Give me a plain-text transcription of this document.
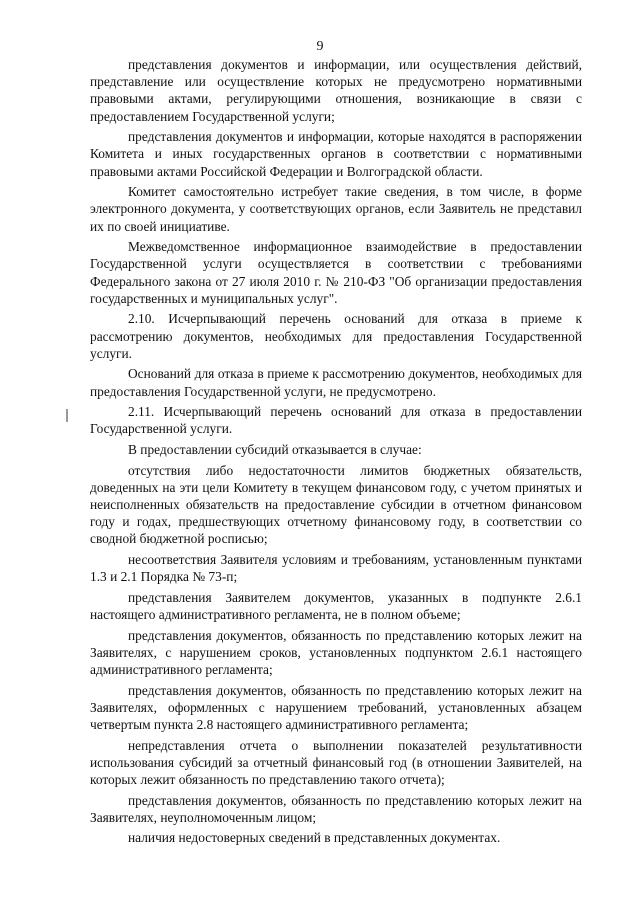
9

представления документов и информации, или осуществления действий, представление или осуществление которых не предусмотрено нормативными правовыми актами, регулирующими отношения, возникающие в связи с предоставлением Государственной услуги;

представления документов и информации, которые находятся в распоряжении Комитета и иных государственных органов в соответствии с нормативными правовыми актами Российской Федерации и Волгоградской области.

Комитет самостоятельно истребует такие сведения, в том числе, в форме электронного документа, у соответствующих органов, если Заявитель не представил их по своей инициативе.

Межведомственное информационное взаимодействие в предоставлении Государственной услуги осуществляется в соответствии с требованиями Федерального закона от 27 июля 2010 г. № 210-ФЗ "Об организации предоставления государственных и муниципальных услуг".

2.10. Исчерпывающий перечень оснований для отказа в приеме к рассмотрению документов, необходимых для предоставления Государственной услуги.

Оснований для отказа в приеме к рассмотрению документов, необходимых для предоставления Государственной услуги, не предусмотрено.

2.11. Исчерпывающий перечень оснований для отказа в предоставлении Государственной услуги.

В предоставлении субсидий отказывается в случае:

отсутствия либо недостаточности лимитов бюджетных обязательств, доведенных на эти цели Комитету в текущем финансовом году, с учетом принятых и неисполненных обязательств на предоставление субсидии в отчетном финансовом году и годах, предшествующих отчетному финансовому году, в соответствии со сводной бюджетной росписью;

несоответствия Заявителя условиям и требованиям, установленным пунктами 1.3 и 2.1 Порядка № 73-п;

представления Заявителем документов, указанных в подпункте 2.6.1 настоящего административного регламента, не в полном объеме;

представления документов, обязанность по представлению которых лежит на Заявителях, с нарушением сроков, установленных подпунктом 2.6.1 настоящего административного регламента;

представления документов, обязанность по представлению которых лежит на Заявителях, оформленных с нарушением требований, установленных абзацем четвертым пункта 2.8 настоящего административного регламента;

непредставления отчета о выполнении показателей результативности использования субсидий за отчетный финансовый год (в отношении Заявителей, на которых лежит обязанность по представлению такого отчета);

представления документов, обязанность по представлению которых лежит на Заявителях, неуполномоченным лицом;

наличия недостоверных сведений в представленных документах.
